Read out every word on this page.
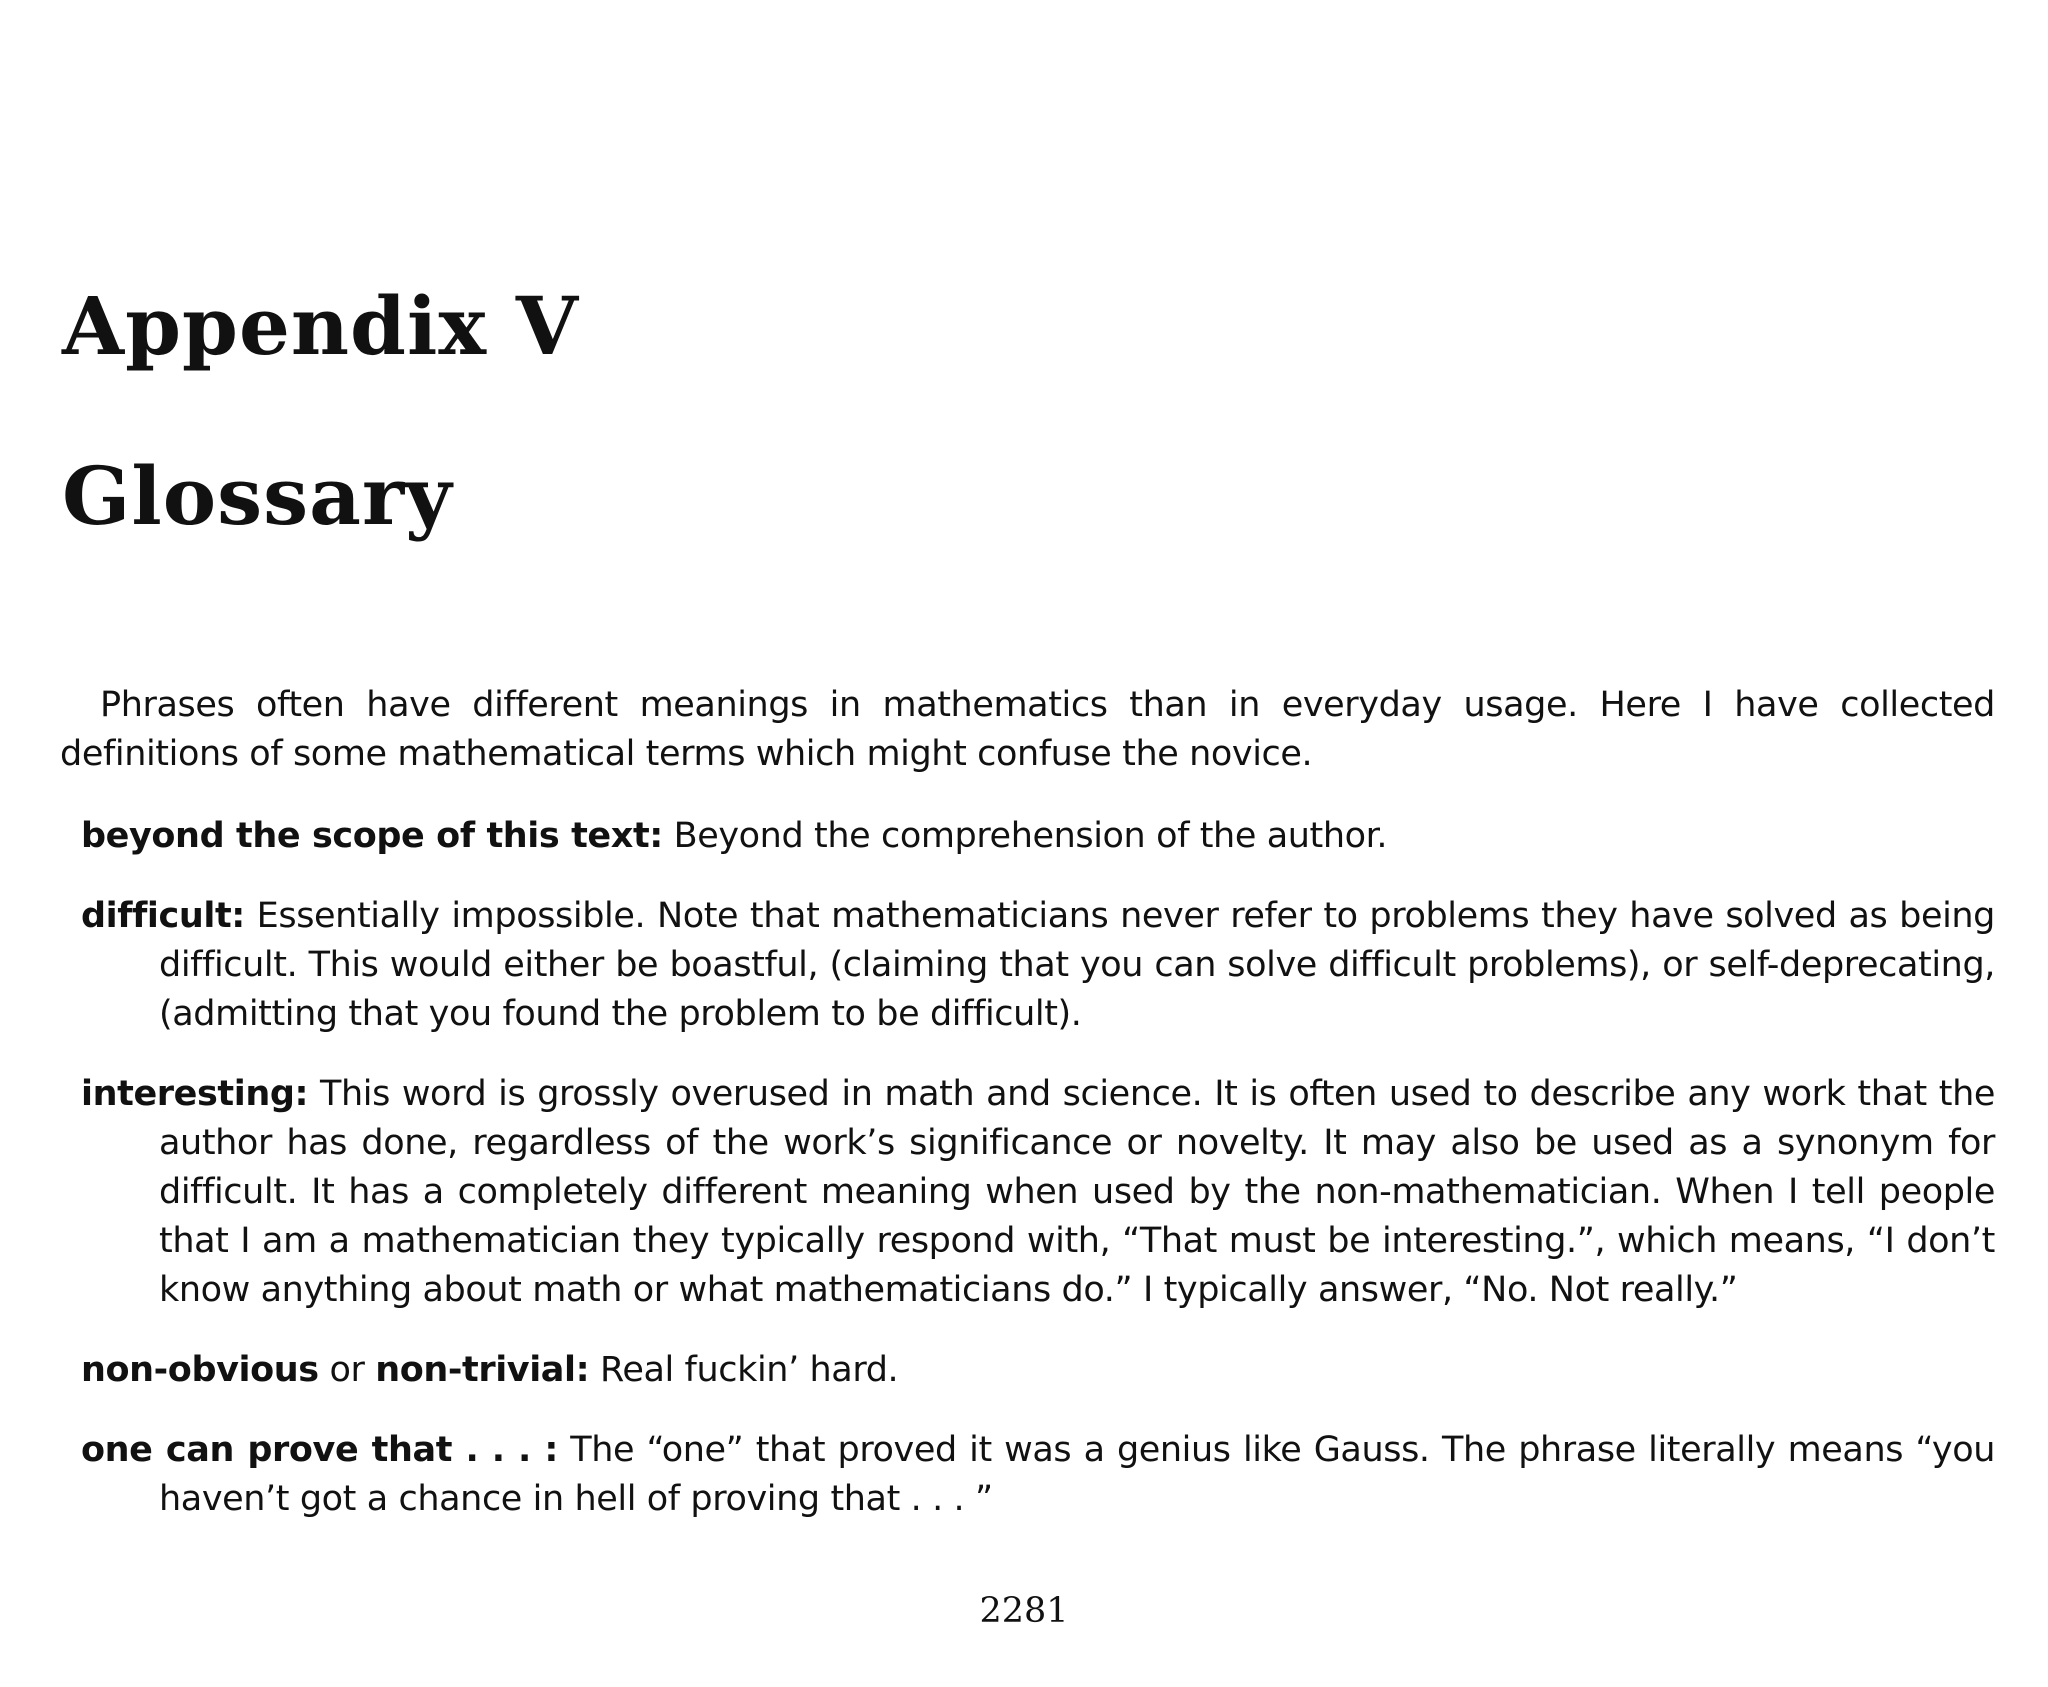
Appendix V
Glossary

Phrases often have different meanings in mathematics than in everyday usage. Here I have collected definitions of some mathematical terms which might confuse the novice.

beyond the scope of this text: Beyond the comprehension of the author.

difficult: Essentially impossible. Note that mathematicians never refer to problems they have solved as being difficult. This would either be boastful, (claiming that you can solve difficult problems), or self-deprecating, (admitting that you found the problem to be difficult).

interesting: This word is grossly overused in math and science. It is often used to describe any work that the author has done, regardless of the work’s significance or novelty. It may also be used as a synonym for difficult. It has a completely different meaning when used by the non-mathematician. When I tell people that I am a mathematician they typically respond with, “That must be interesting.”, which means, “I don’t know anything about math or what mathematicians do.” I typically answer, “No. Not really.”

non-obvious or non-trivial: Real fuckin’ hard.

one can prove that . . . : The “one” that proved it was a genius like Gauss. The phrase literally means “you haven’t got a chance in hell of proving that . . . ”

2281
